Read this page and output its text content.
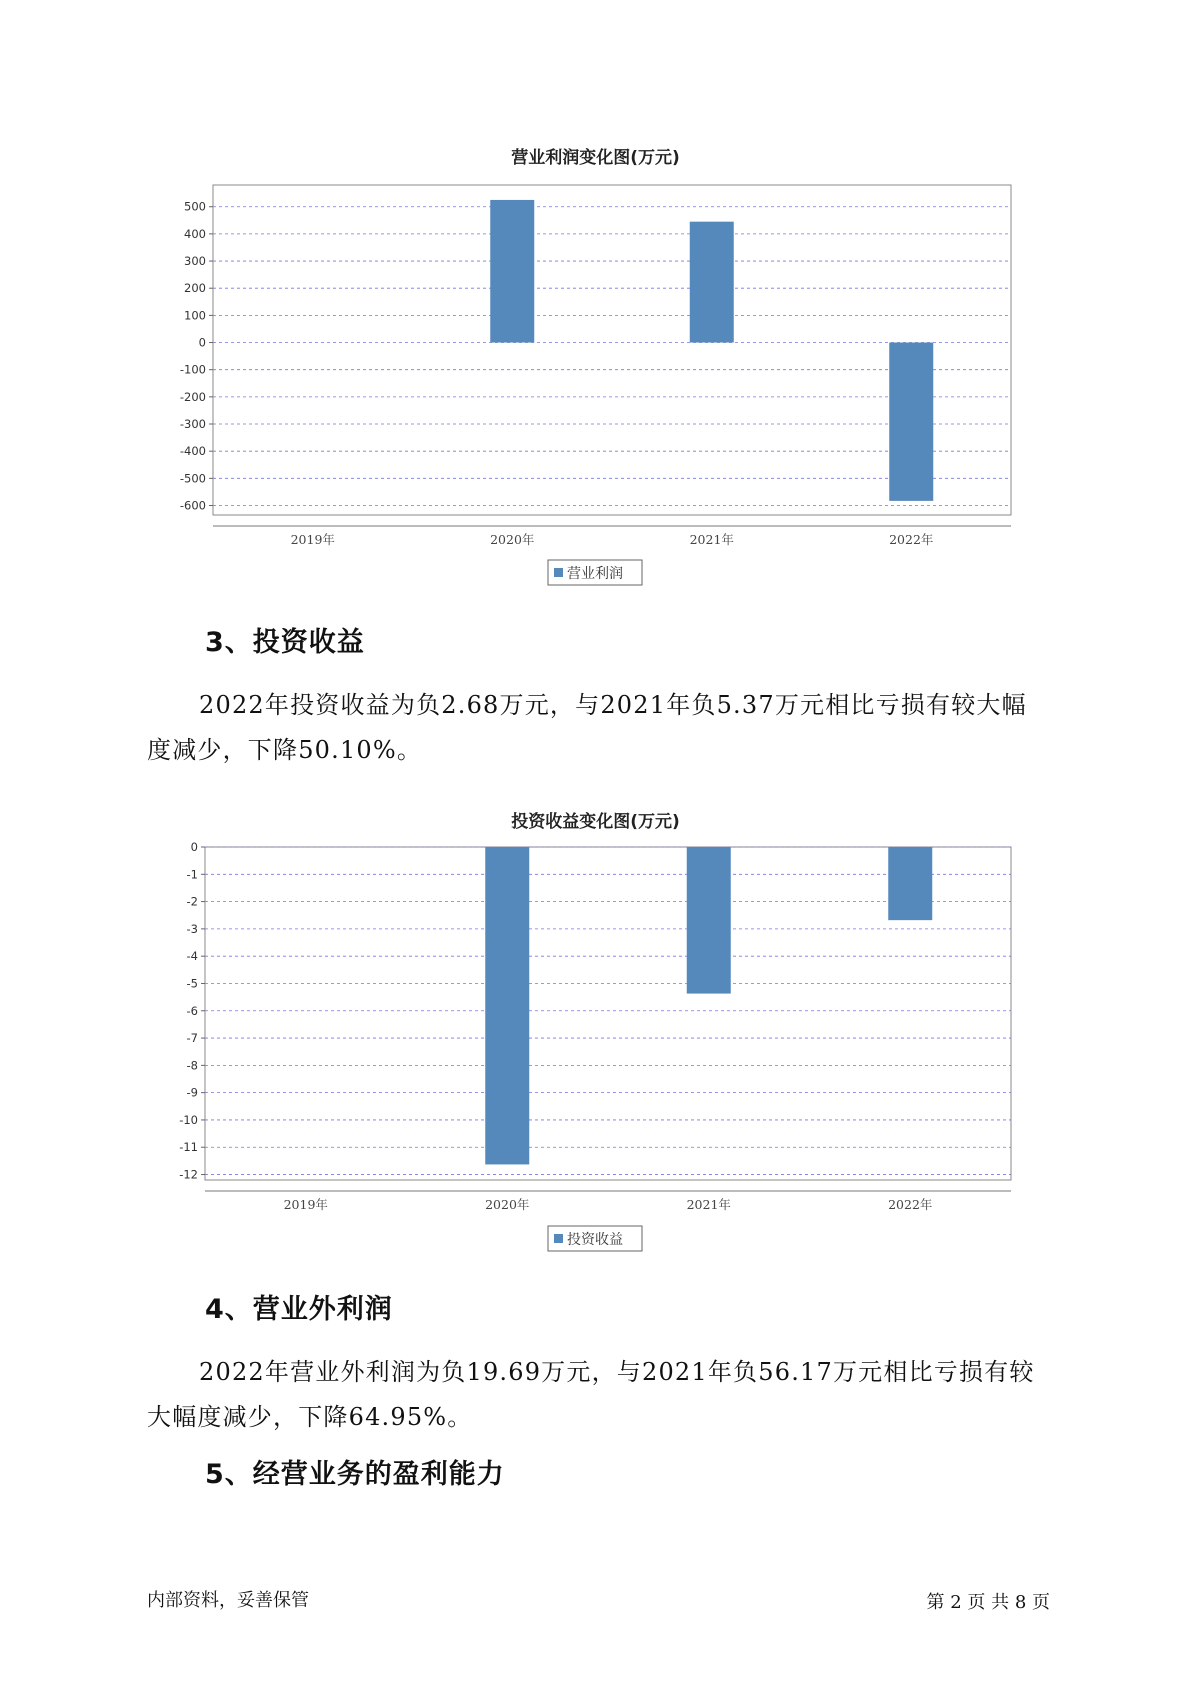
营业利润变化图(万元)
500
400
300
200
100
0
-100
-200
-300
-400
-500
-600
2019年	2020年	2021年	2022年
营业利润
3、投资收益
2022年投资收益为负2.68万元，与2021年负5.37万元相比亏损有较大幅度减少，下降50.10%。
投资收益变化图(万元)
0
-1
-2
-3
-4
-5
-6
-7
-8
-9
-10
-11
-12
2019年	2020年	2021年	2022年
投资收益
4、营业外利润
2022年营业外利润为负19.69万元，与2021年负56.17万元相比亏损有较大幅度减少，下降64.95%。
5、经营业务的盈利能力
内部资料，妥善保管	第 2 页 共 8 页
